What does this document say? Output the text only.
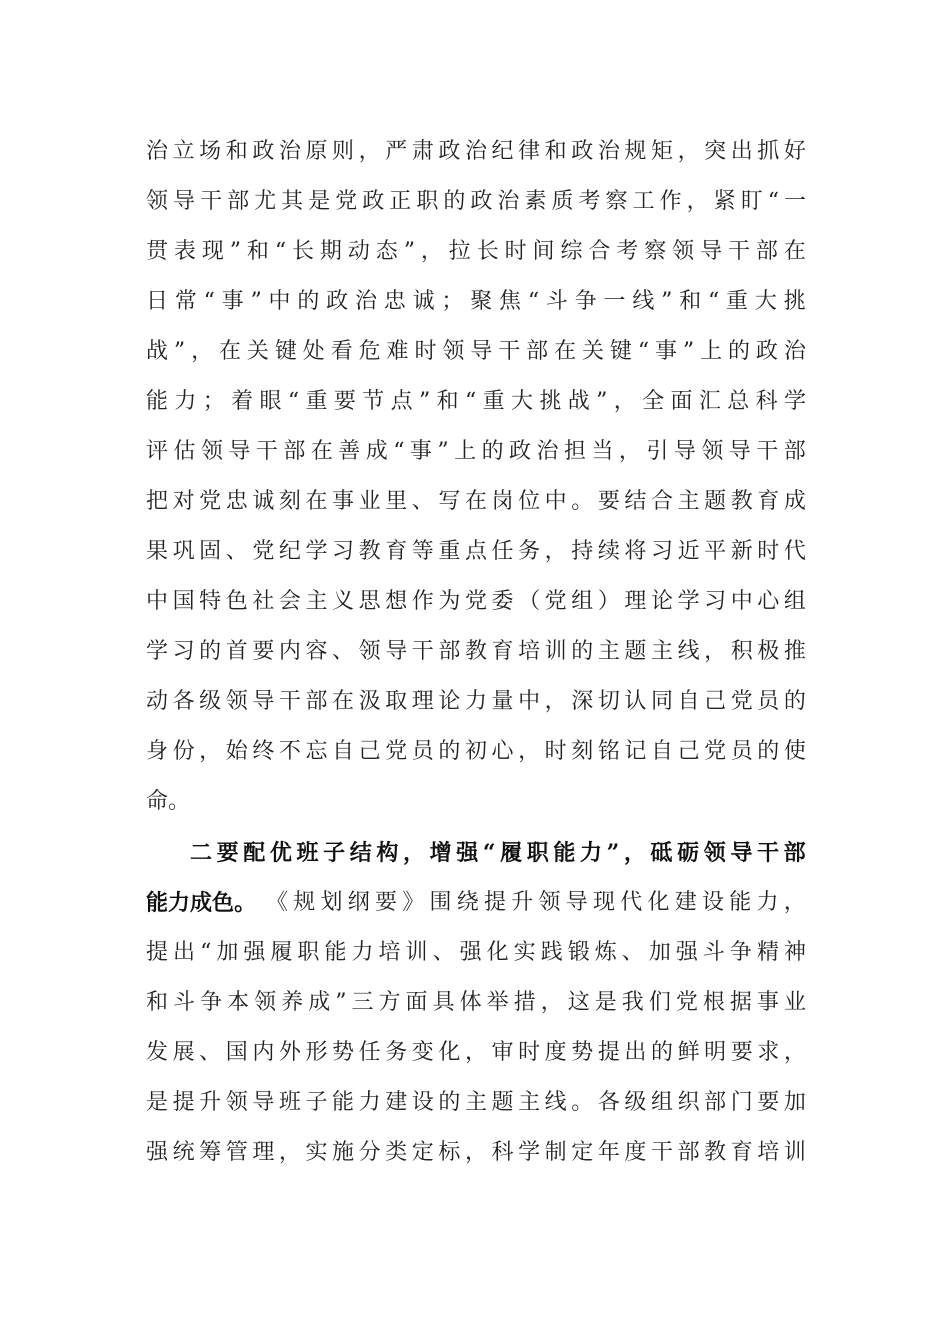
治 立 场 和 政 治 原 则 ， 严 肃 政 治 纪 律 和 政 治 规 矩 ， 突 出 抓 好
领 导 干 部 尤 其 是 党 政 正 职 的 政 治 素 质 考 察 工 作 ， 紧 盯 “ 一
贯 表 现 ” 和 “ 长 期 动 态 ” ， 拉 长 时 间 综 合 考 察 领 导 干 部 在
日 常 “ 事 ” 中 的 政 治 忠 诚 ； 聚 焦 “ 斗 争 一 线 ” 和 “ 重 大 挑
战 ” ， 在 关 键 处 看 危 难 时 领 导 干 部 在 关 键 “ 事 ” 上 的 政 治
能 力 ； 着 眼 “ 重 要 节 点 ” 和 “ 重 大 挑 战 ” ， 全 面 汇 总 科 学
评 估 领 导 干 部 在 善 成 “ 事 ” 上 的 政 治 担 当 ， 引 导 领 导 干 部
把 对 党 忠 诚 刻 在 事 业 里 、 写 在 岗 位 中 。 要 结 合 主 题 教 育 成
果 巩 固 、 党 纪 学 习 教 育 等 重 点 任 务 ， 持 续 将 习 近 平 新 时 代
中 国 特 色 社 会 主 义 思 想 作 为 党 委 （ 党 组 ） 理 论 学 习 中 心 组
学 习 的 首 要 内 容 、 领 导 干 部 教 育 培 训 的 主 题 主 线 ， 积 极 推
动 各 级 领 导 干 部 在 汲 取 理 论 力 量 中 ， 深 切 认 同 自 己 党 员 的
身 份 ， 始 终 不 忘 自 己 党 员 的 初 心 ， 时 刻 铭 记 自 己 党 员 的 使
命。
二 要 配 优 班 子 结 构 ， 增 强 “ 履 职 能 力 ” ， 砥 砺 领 导 干 部
能 力 成 色 。 《 规 划 纲 要 》 围 绕 提 升 领 导 现 代 化 建 设 能 力 ，
提 出 “ 加 强 履 职 能 力 培 训 、 强 化 实 践 锻 炼 、 加 强 斗 争 精 神
和 斗 争 本 领 养 成 ” 三 方 面 具 体 举 措 ， 这 是 我 们 党 根 据 事 业
发 展 、 国 内 外 形 势 任 务 变 化 ， 审 时 度 势 提 出 的 鲜 明 要 求 ，
是 提 升 领 导 班 子 能 力 建 设 的 主 题 主 线 。 各 级 组 织 部 门 要 加
强 统 筹 管 理 ， 实 施 分 类 定 标 ， 科 学 制 定 年 度 干 部 教 育 培 训
